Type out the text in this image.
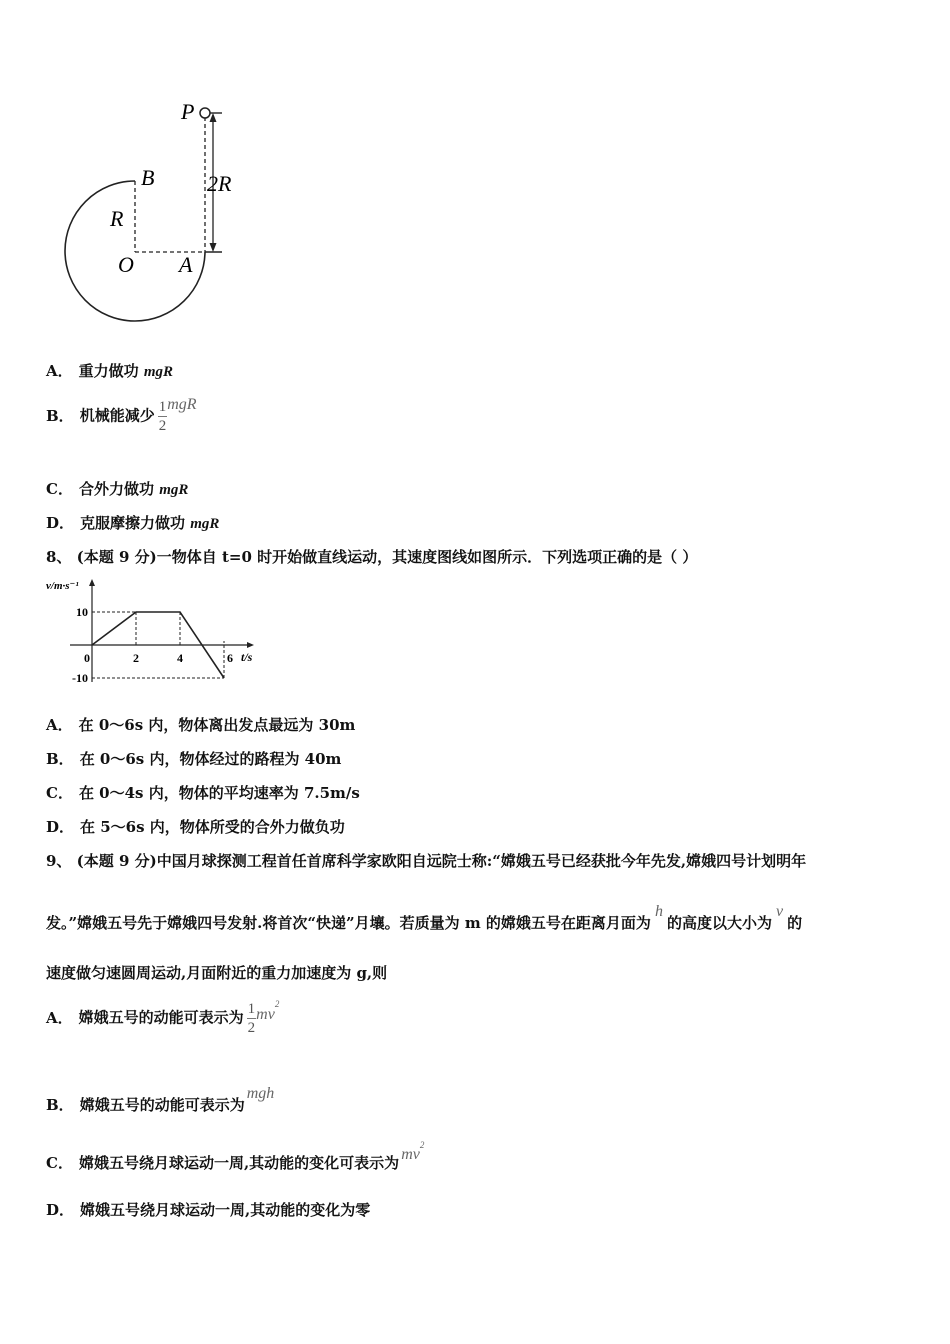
P
B
R
O A
2R
A． 重力做功 mgR
B． 机械能减少 $\frac{1}{2}$ mgR
C． 合外力做功 mgR
D． 克服摩擦力做功 mgR
8、 (本题 9 分)一物体自 t=0 时开始做直线运动，其速度图线如图所示．下列选项正确的是（ ）
v/m·s⁻¹
t/s
0	2	4	6
10
-10
A． 在 0～6s 内，物体离出发点最远为 30m
B． 在 0～6s 内，物体经过的路程为 40m
C． 在 0～4s 内，物体的平均速率为 7.5m/s
D． 在 5～6s 内，物体所受的合外力做负功
9、 (本题 9 分)中国月球探测工程首任首席科学家欧阳自远院士称:“嫦娥五号已经获批今年先发,嫦娥四号计划明年
发。”嫦娥五号先于嫦娥四号发射.将首次“快递”月壤。若质量为 m 的嫦娥五号在距离月面为h的高度以大小为v的
速度做匀速圆周运动,月面附近的重力加速度为 g,则
A． 嫦娥五号的动能可表示为 $\frac{1}{2} mv^2$
B． 嫦娥五号的动能可表示为mgh
C． 嫦娥五号绕月球运动一周,其动能的变化可表示为 $mv^2$
D． 嫦娥五号绕月球运动一周,其动能的变化为零
